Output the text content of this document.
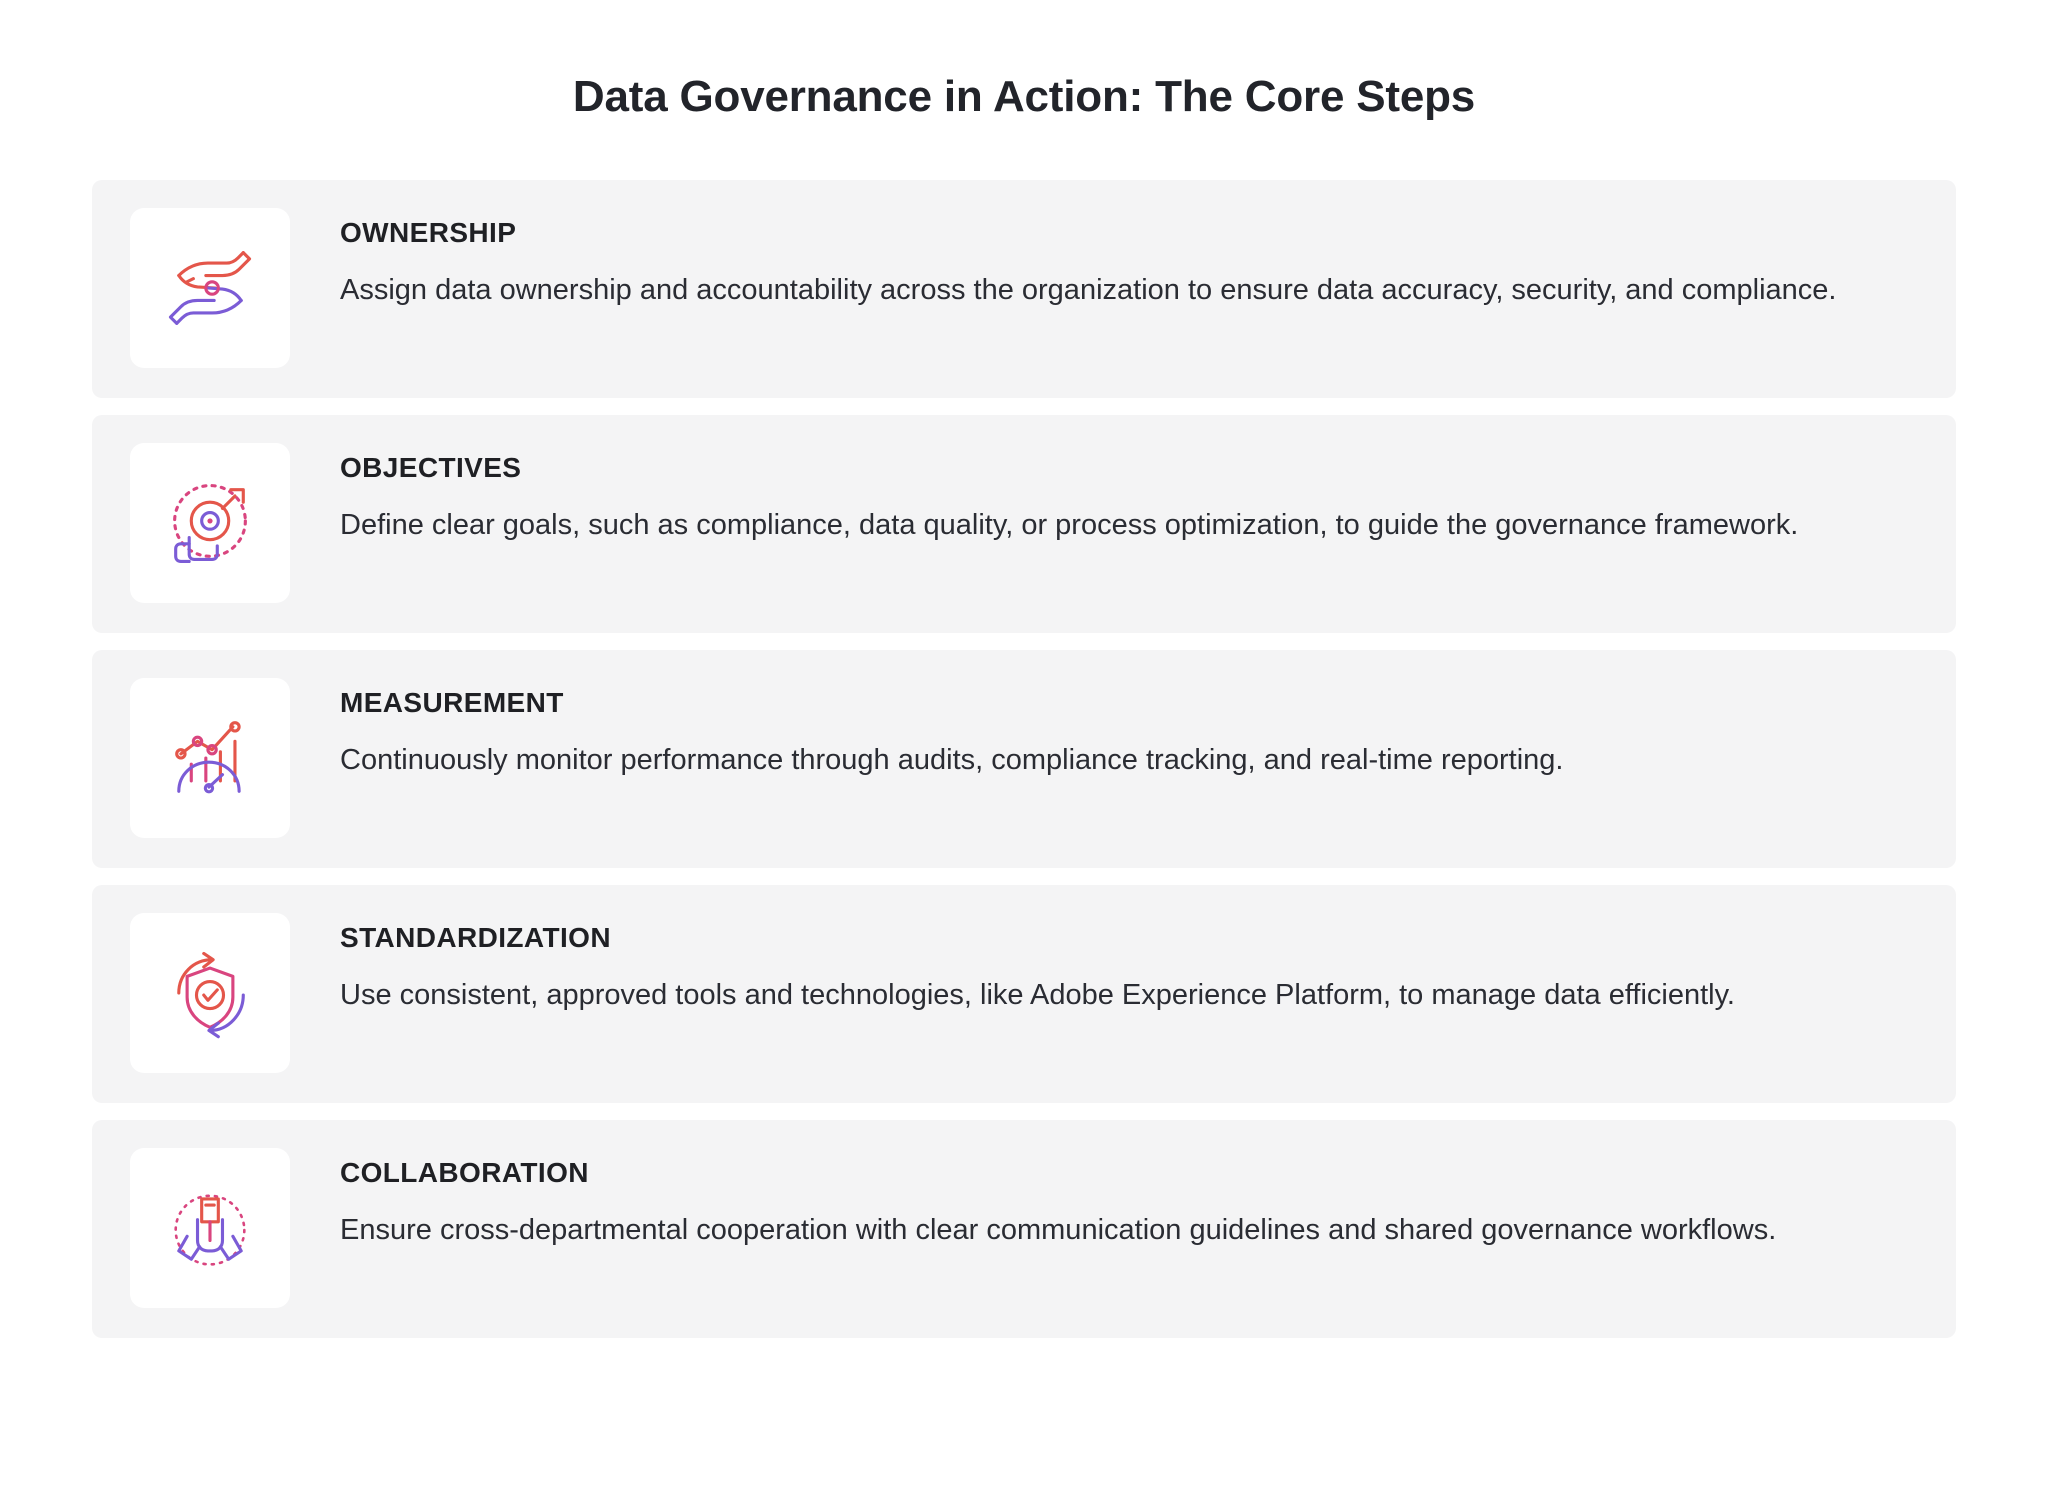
Data Governance in Action: The Core Steps
OWNERSHIP

Assign data ownership and accountability across the organization to ensure data accuracy, security, and compliance.

OBJECTIVES

Define clear goals, such as compliance, data quality, or process optimization, to guide the governance framework.

MEASUREMENT

Continuously monitor performance through audits, compliance tracking, and real-time reporting.

STANDARDIZATION

Use consistent, approved tools and technologies, like Adobe Experience Platform, to manage data efficiently.

COLLABORATION

Ensure cross-departmental cooperation with clear communication guidelines and shared governance workflows.
